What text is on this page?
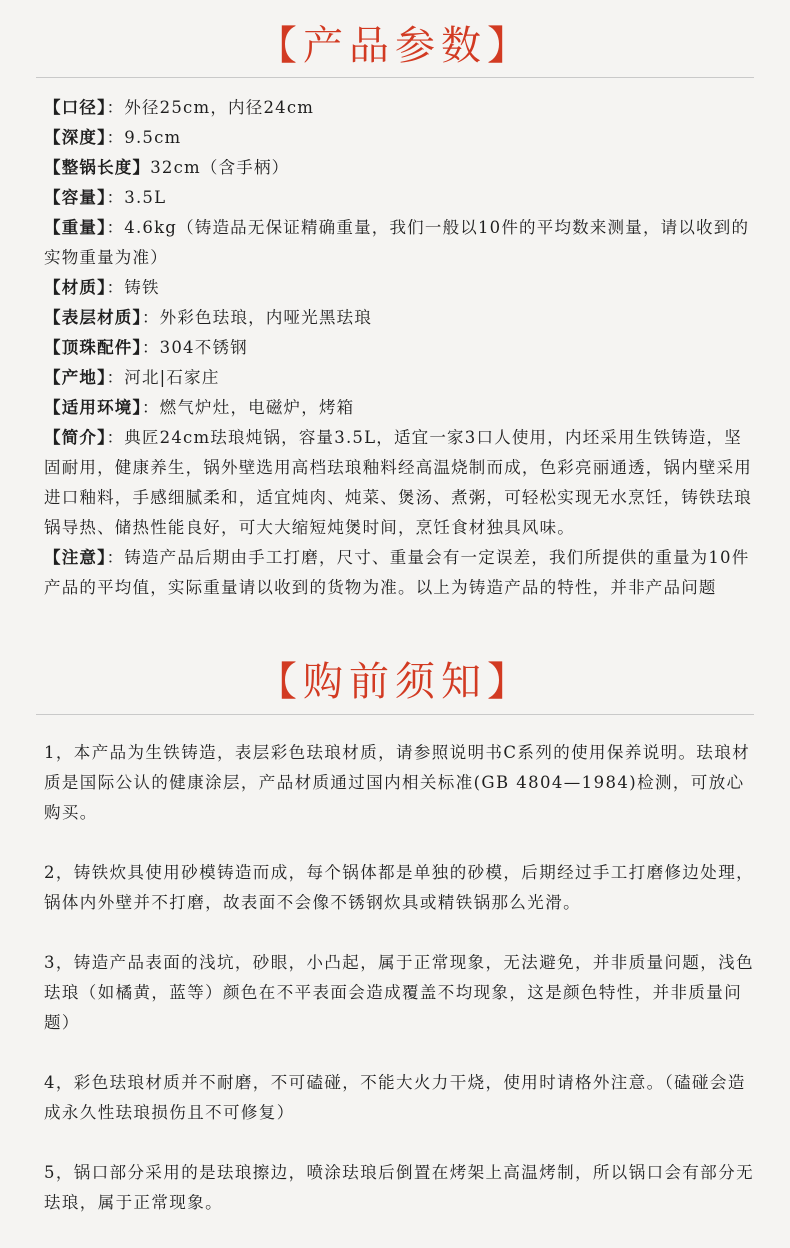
【产品参数】

【口径】：外径25cm，内径24cm

【深度】：9.5cm

【整锅长度】32cm（含手柄）

【容量】：3.5L

【重量】：4.6kg（铸造品无保证精确重量，我们一般以10件的平均数来测量，请以收到的实物重量为准）

【材质】：铸铁

【表层材质】：外彩色珐琅，内哑光黑珐琅

【顶珠配件】：304不锈钢

【产地】：河北|石家庄

【适用环境】：燃气炉灶，电磁炉，烤箱

【简介】：典匠24cm珐琅炖锅，容量3.5L，适宜一家3口人使用，内坯采用生铁铸造，坚固耐用，健康养生，锅外壁选用高档珐琅釉料经高温烧制而成，色彩亮丽通透，锅内壁采用进口釉料，手感细腻柔和，适宜炖肉、炖菜、煲汤、煮粥，可轻松实现无水烹饪，铸铁珐琅锅导热、储热性能良好，可大大缩短炖煲时间，烹饪食材独具风味。

【注意】：铸造产品后期由手工打磨，尺寸、重量会有一定误差，我们所提供的重量为10件产品的平均值，实际重量请以收到的货物为准。以上为铸造产品的特性，并非产品问题

【购前须知】

1，本产品为生铁铸造，表层彩色珐琅材质，请参照说明书C系列的使用保养说明。珐琅材质是国际公认的健康涂层，产品材质通过国内相关标准(GB 4804—1984)检测，可放心购买。

2，铸铁炊具使用砂模铸造而成，每个锅体都是单独的砂模，后期经过手工打磨修边处理，锅体内外壁并不打磨，故表面不会像不锈钢炊具或精铁锅那么光滑。

3，铸造产品表面的浅坑，砂眼，小凸起，属于正常现象，无法避免，并非质量问题，浅色珐琅（如橘黄，蓝等）颜色在不平表面会造成覆盖不均现象，这是颜色特性，并非质量问题）

4，彩色珐琅材质并不耐磨，不可磕碰，不能大火力干烧，使用时请格外注意。（磕碰会造成永久性珐琅损伤且不可修复）

5，锅口部分采用的是珐琅擦边，喷涂珐琅后倒置在烤架上高温烤制，所以锅口会有部分无珐琅，属于正常现象。
